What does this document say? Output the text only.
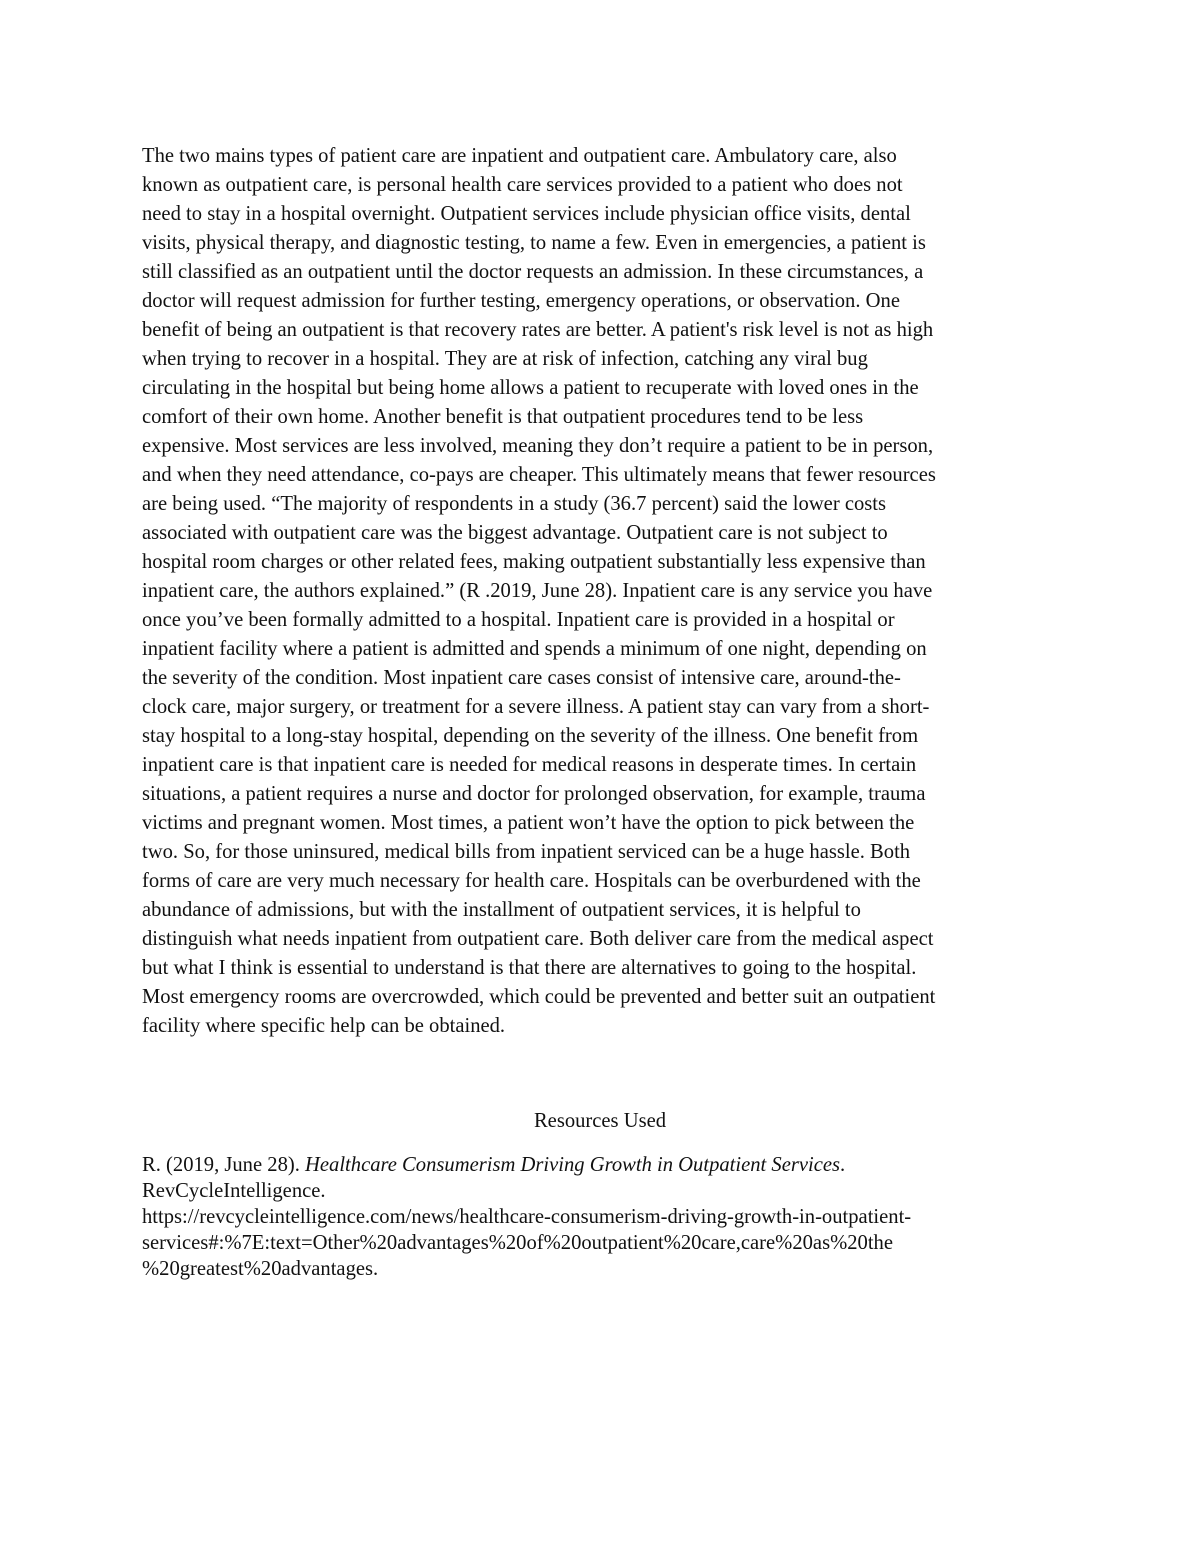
The two mains types of patient care are inpatient and outpatient care. Ambulatory care, also
known as outpatient care, is personal health care services provided to a patient who does not
need to stay in a hospital overnight. Outpatient services include physician office visits, dental
visits, physical therapy, and diagnostic testing, to name a few. Even in emergencies, a patient is
still classified as an outpatient until the doctor requests an admission. In these circumstances, a
doctor will request admission for further testing, emergency operations, or observation. One
benefit of being an outpatient is that recovery rates are better. A patient's risk level is not as high
when trying to recover in a hospital. They are at risk of infection, catching any viral bug
circulating in the hospital but being home allows a patient to recuperate with loved ones in the
comfort of their own home. Another benefit is that outpatient procedures tend to be less
expensive. Most services are less involved, meaning they don’t require a patient to be in person,
and when they need attendance, co-pays are cheaper. This ultimately means that fewer resources
are being used. “The majority of respondents in a study (36.7 percent) said the lower costs
associated with outpatient care was the biggest advantage. Outpatient care is not subject to
hospital room charges or other related fees, making outpatient substantially less expensive than
inpatient care, the authors explained.” (R .2019, June 28). Inpatient care is any service you have
once you’ve been formally admitted to a hospital. Inpatient care is provided in a hospital or
inpatient facility where a patient is admitted and spends a minimum of one night, depending on
the severity of the condition. Most inpatient care cases consist of intensive care, around-the-
clock care, major surgery, or treatment for a severe illness. A patient stay can vary from a short-
stay hospital to a long-stay hospital, depending on the severity of the illness. One benefit from
inpatient care is that inpatient care is needed for medical reasons in desperate times. In certain
situations, a patient requires a nurse and doctor for prolonged observation, for example, trauma
victims and pregnant women. Most times, a patient won’t have the option to pick between the
two. So, for those uninsured, medical bills from inpatient serviced can be a huge hassle. Both
forms of care are very much necessary for health care. Hospitals can be overburdened with the
abundance of admissions, but with the installment of outpatient services, it is helpful to
distinguish what needs inpatient from outpatient care. Both deliver care from the medical aspect
but what I think is essential to understand is that there are alternatives to going to the hospital.
Most emergency rooms are overcrowded, which could be prevented and better suit an outpatient
facility where specific help can be obtained.
Resources Used
R. (2019, June 28). Healthcare Consumerism Driving Growth in Outpatient Services.
RevCycleIntelligence.
https://revcycleintelligence.com/news/healthcare-consumerism-driving-growth-in-outpatient-
services#:%7E:text=Other%20advantages%20of%20outpatient%20care,care%20as%20the
%20greatest%20advantages.
